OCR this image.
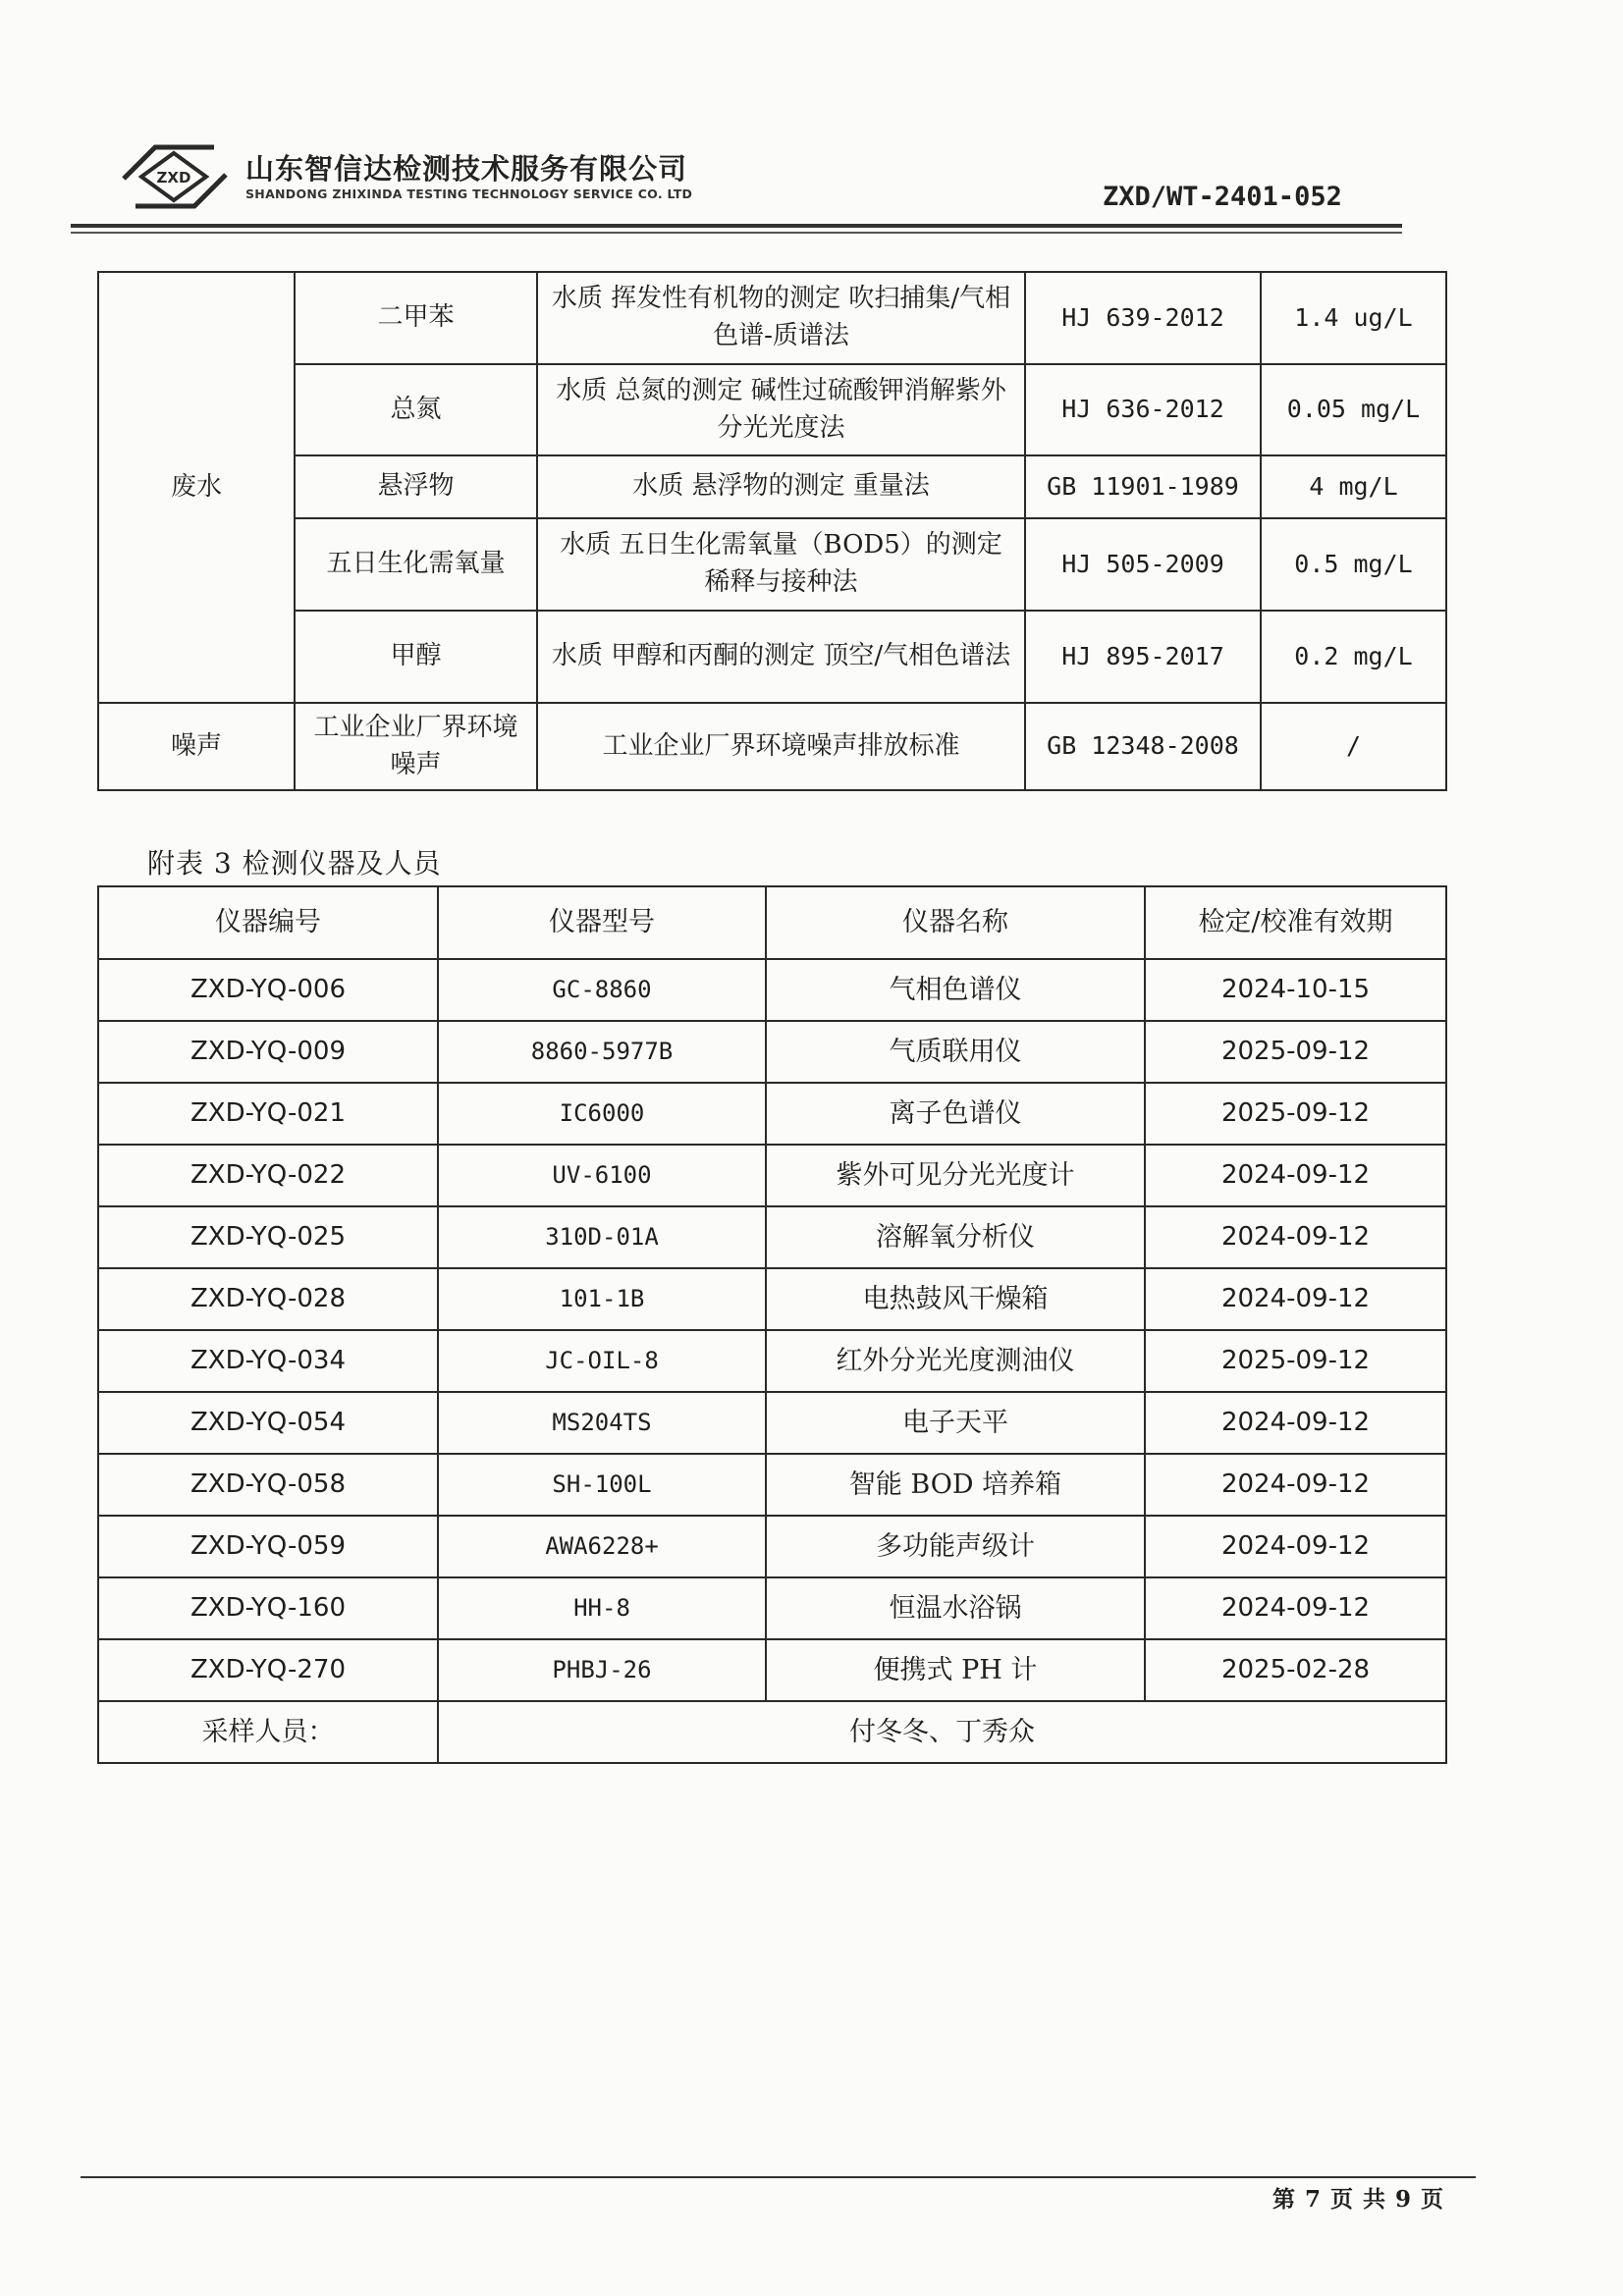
ZXD 山东智信达检测技术服务有限公司
SHANDONG ZHIXINDA TESTING TECHNOLOGY SERVICE CO. LTD	ZXD/WT-2401-052
废水	二甲苯	水质 挥发性有机物的测定 吹扫捕集/气相色谱-质谱法	HJ 639-2012	1.4 ug/L
	总氮	水质 总氮的测定 碱性过硫酸钾消解紫外分光光度法	HJ 636-2012	0.05 mg/L
	悬浮物	水质 悬浮物的测定 重量法	GB 11901-1989	4 mg/L
	五日生化需氧量	水质 五日生化需氧量（BOD5）的测定 稀释与接种法	HJ 505-2009	0.5 mg/L
	甲醇	水质 甲醇和丙酮的测定 顶空/气相色谱法	HJ 895-2017	0.2 mg/L
噪声	工业企业厂界环境噪声	工业企业厂界环境噪声排放标准	GB 12348-2008	/
附表 3 检测仪器及人员
仪器编号	仪器型号	仪器名称	检定/校准有效期
ZXD-YQ-006	GC-8860	气相色谱仪	2024-10-15
ZXD-YQ-009	8860-5977B	气质联用仪	2025-09-12
ZXD-YQ-021	IC6000	离子色谱仪	2025-09-12
ZXD-YQ-022	UV-6100	紫外可见分光光度计	2024-09-12
ZXD-YQ-025	310D-01A	溶解氧分析仪	2024-09-12
ZXD-YQ-028	101-1B	电热鼓风干燥箱	2024-09-12
ZXD-YQ-034	JC-OIL-8	红外分光光度测油仪	2025-09-12
ZXD-YQ-054	MS204TS	电子天平	2024-09-12
ZXD-YQ-058	SH-100L	智能 BOD 培养箱	2024-09-12
ZXD-YQ-059	AWA6228+	多功能声级计	2024-09-12
ZXD-YQ-160	HH-8	恒温水浴锅	2024-09-12
ZXD-YQ-270	PHBJ-26	便携式 PH 计	2025-02-28
采样人员：	付冬冬、丁秀众		
第 7 页 共 9 页
